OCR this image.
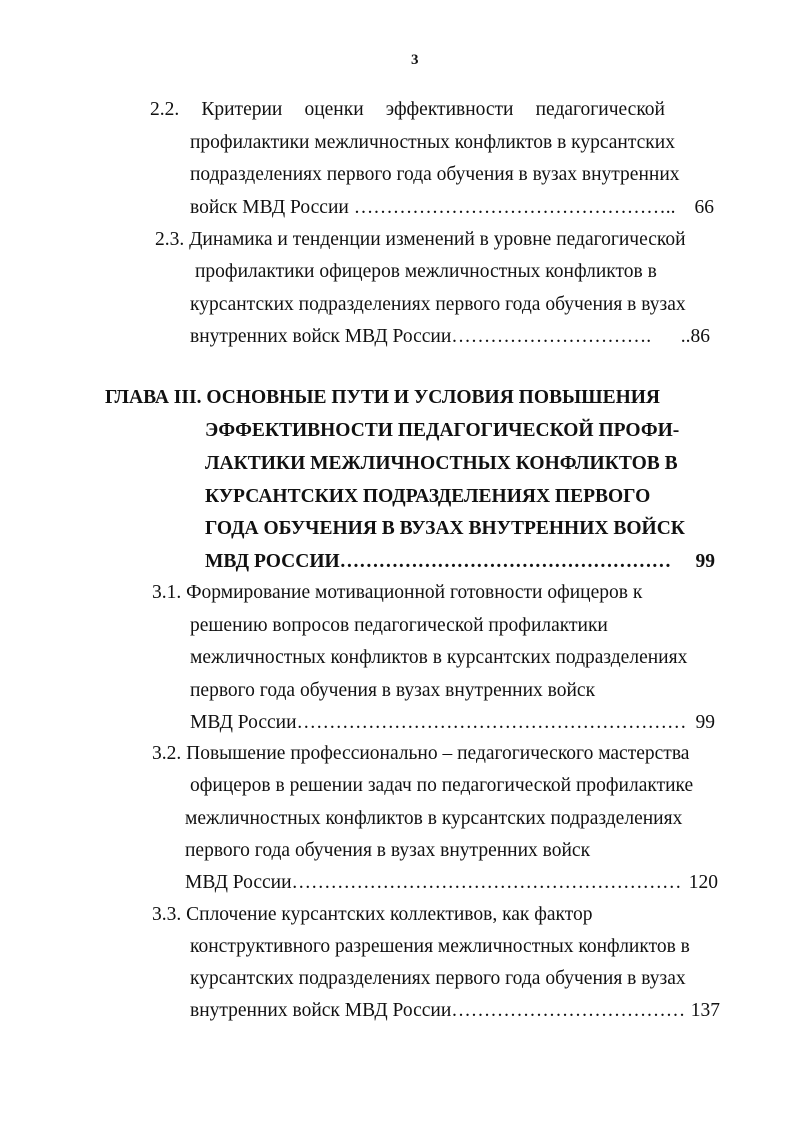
3
2.2. Критерии оценки эффективности педагогической
профилактики межличностных конфликтов в курсантских
подразделениях первого года обучения в вузах внутренних
войск МВД России ………………………………………….. 66
2.3. Динамика и тенденции изменений в уровне педагогической
профилактики офицеров межличностных конфликтов в
курсантских подразделениях первого года обучения в вузах
внутренних войск МВД России………………………….	..86
ГЛАВА III. ОСНОВНЫЕ ПУТИ И УСЛОВИЯ ПОВЫШЕНИЯ
ЭФФЕКТИВНОСТИ ПЕДАГОГИЧЕСКОЙ ПРОФИ-
ЛАКТИКИ МЕЖЛИЧНОСТНЫХ КОНФЛИКТОВ В
КУРСАНТСКИХ ПОДРАЗДЕЛЕНИЯХ ПЕРВОГО
ГОДА ОБУЧЕНИЯ В ВУЗАХ ВНУТРЕННИХ ВОЙСК
МВД РОССИИ……………………………………………	99
3.1. Формирование мотивационной готовности офицеров к
решению вопросов педагогической профилактики
межличностных конфликтов в курсантских подразделениях
первого года обучения в вузах внутренних войск
МВД России…………………………………………………… 99
3.2. Повышение профессионально – педагогического мастерства
офицеров в решении задач по педагогической профилактике
межличностных конфликтов в курсантских подразделениях
первого года обучения в вузах внутренних войск
МВД России…………………………………………………… 120
3.3. Сплочение курсантских коллективов, как фактор
конструктивного разрешения межличностных конфликтов в
курсантских подразделениях первого года обучения в вузах
внутренних войск МВД России……………………………… 137
